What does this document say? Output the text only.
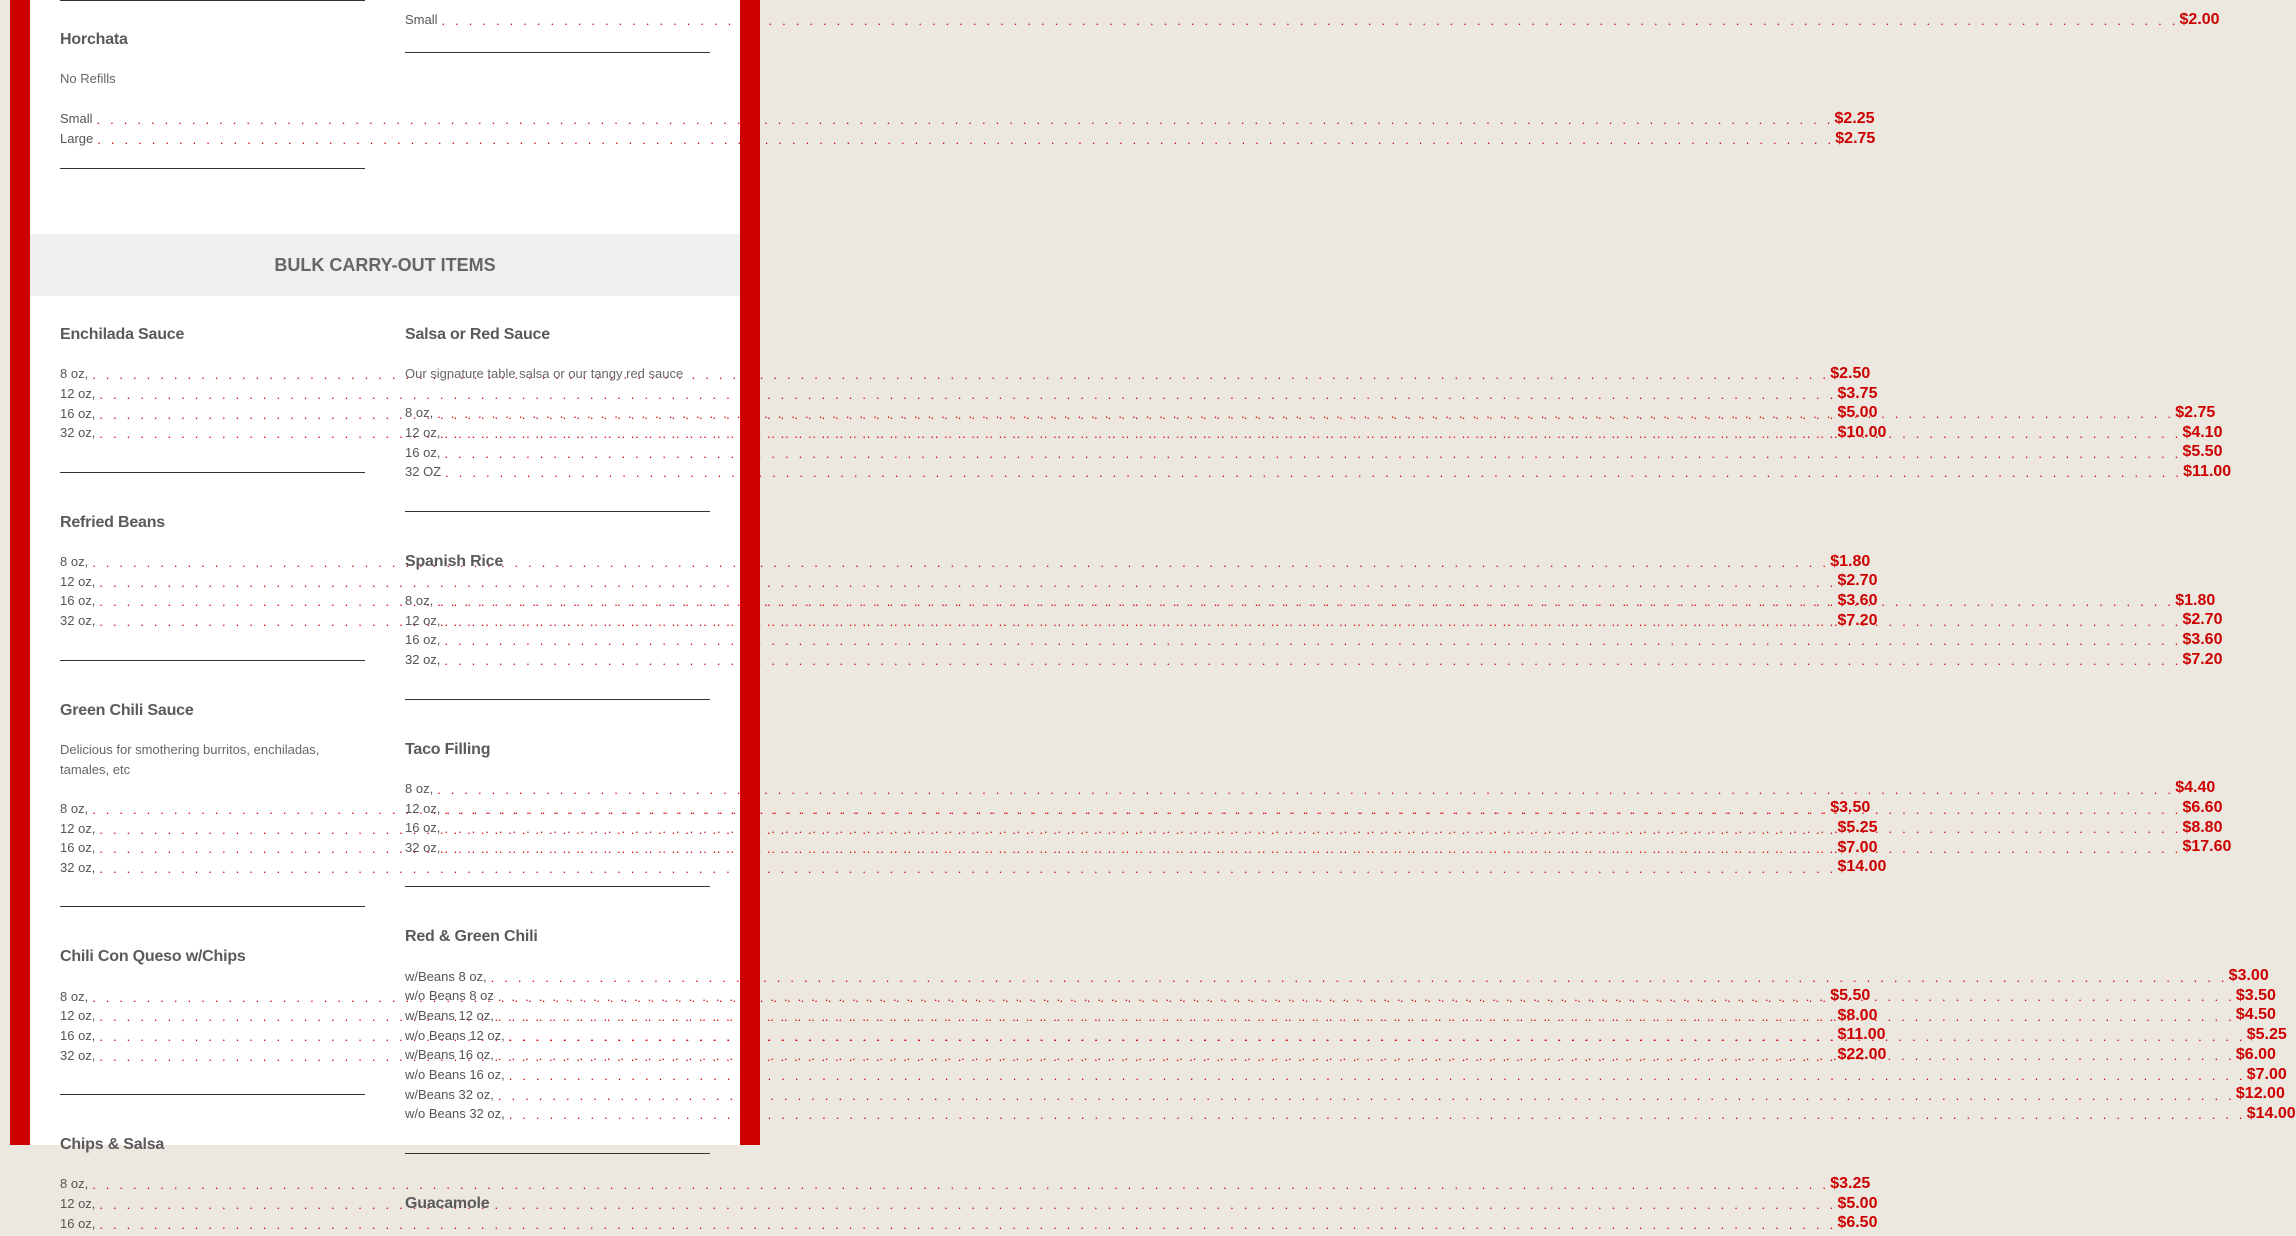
Small . . .	$2.00
Horchata
No Refills
Small . . .	$2.25
Large . . .	$2.75
BULK CARRY-OUT ITEMS
Enchilada Sauce
8 oz, . . .	$2.50
12 oz, . . .	$3.75
16 oz, . . .	$5.00
32 oz, . . .	$10.00
Refried Beans
8 oz, . . .	$1.80
12 oz, . . .	$2.70
16 oz, . . .	$3.60
32 oz, . . .	$7.20
Green Chili Sauce
Delicious for smothering burritos, enchiladas, tamales, etc
8 oz, . . .	$3.50
12 oz, . . .	$5.25
16 oz, . . .	$7.00
32 oz, . . .	$14.00
Chili Con Queso w/Chips
8 oz, . . .	$5.50
12 oz, . . .	$8.00
16 oz, . . .	$11.00
32 oz, . . .	$22.00
Chips & Salsa
8 oz, . . .	$3.25
12 oz, . . .	$5.00
16 oz, . . .	$6.50
Salsa or Red Sauce
Our signature table salsa or our tangy red sauce
8 oz, . . .	$2.75
12 oz, . . .	$4.10
16 oz, . . .	$5.50
32 OZ . . .	$11.00
Spanish Rice
8 oz, . . .	$1.80
12 oz, . . .	$2.70
16 oz, . . .	$3.60
32 oz, . . .	$7.20
Taco Filling
8 oz, . . .	$4.40
12 oz, . . .	$6.60
16 oz, . . .	$8.80
32 oz, . . .	$17.60
Red & Green Chili
w/Beans 8 oz, . . .	$3.00
w/o Beans 8 oz . . .	$3.50
w/Beans 12 oz, . . .	$4.50
w/o Beans 12 oz, . . .	$5.25
w/Beans 16 oz, . . .	$6.00
w/o Beans 16 oz, . . .	$7.00
w/Beans 32 oz, . . .	$12.00
w/o Beans 32 oz, . . .	$14.00
Guacamole
